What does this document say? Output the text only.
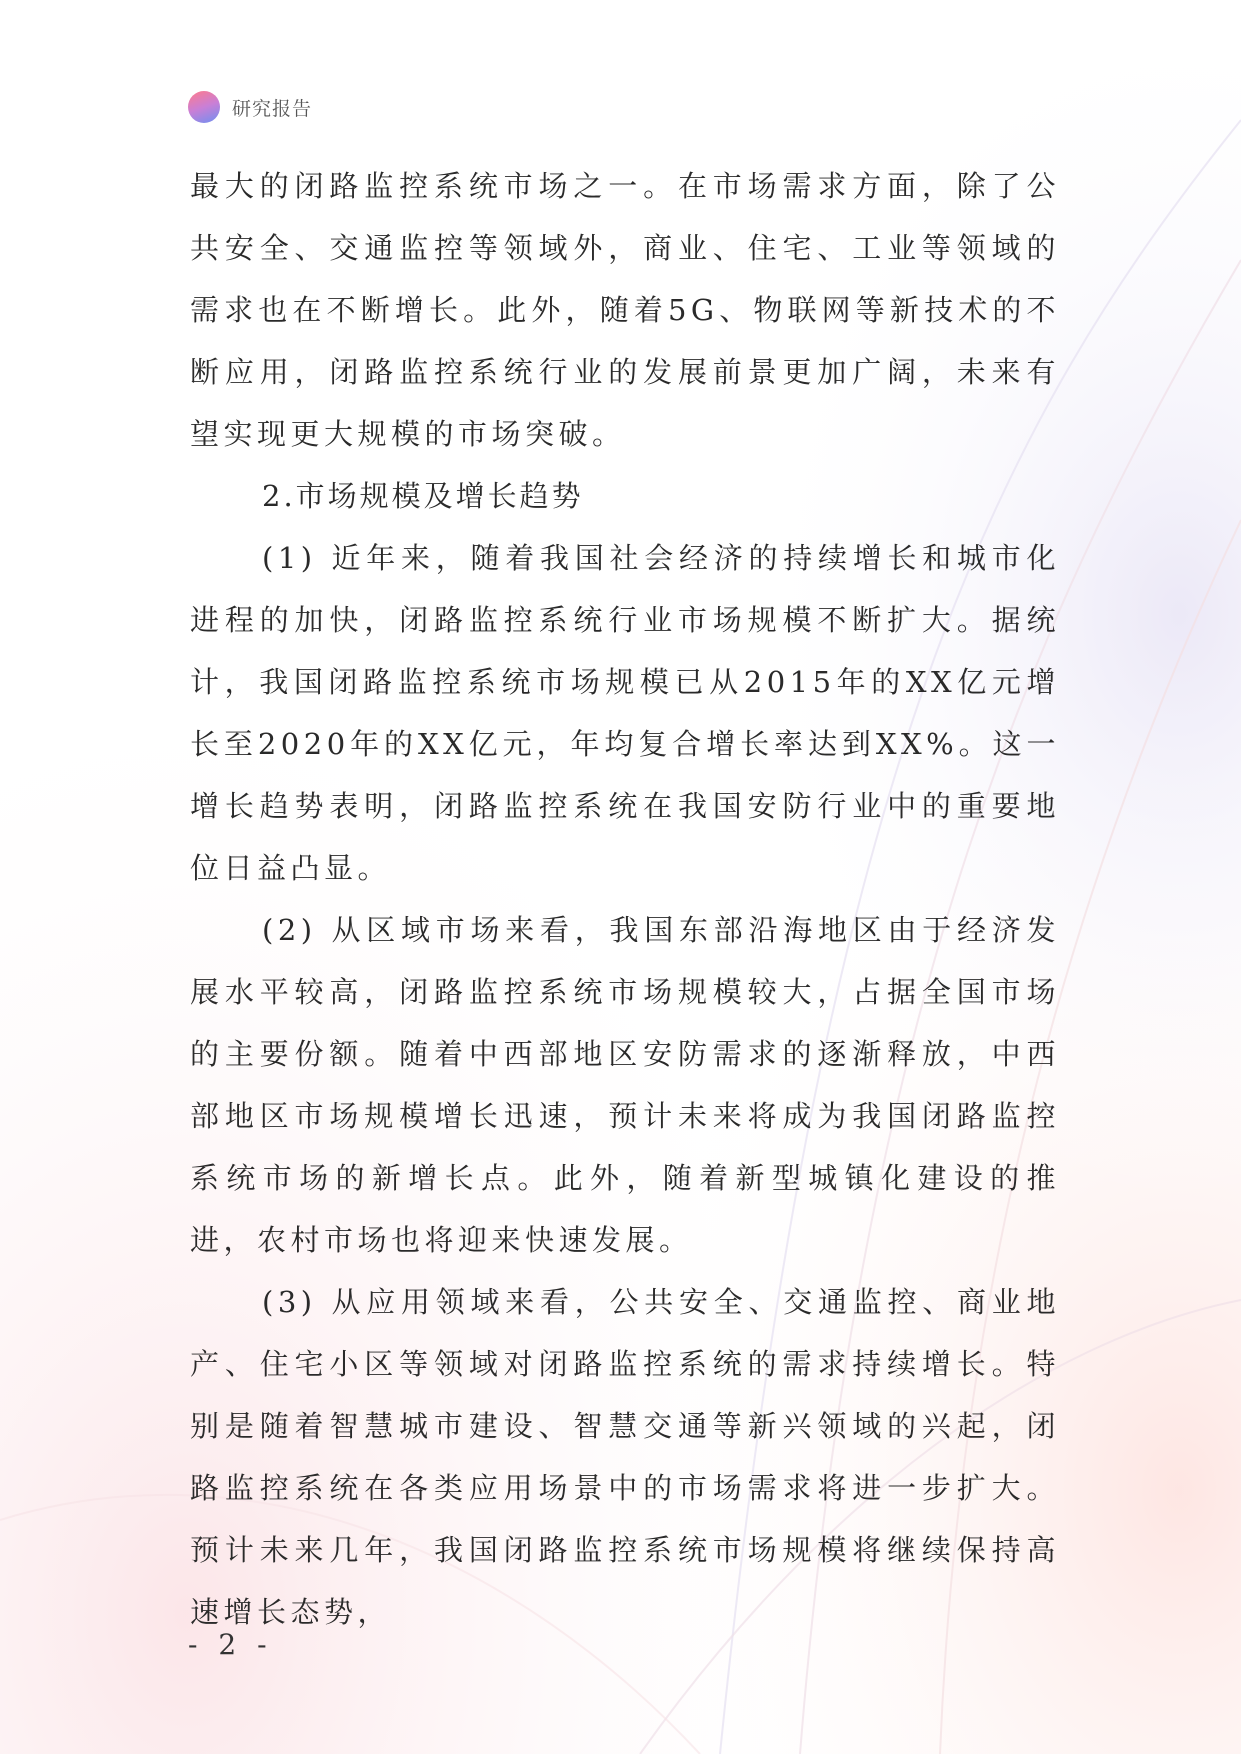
研究报告

最大的闭路监控系统市场之一。在市场需求方面，除了公共安全、交通监控等领域外，商业、住宅、工业等领域的需求也在不断增长。此外，随着5G、物联网等新技术的不断应用，闭路监控系统行业的发展前景更加广阔，未来有望实现更大规模的市场突破。

2.市场规模及增长趋势

(1) 近年来，随着我国社会经济的持续增长和城市化进程的加快，闭路监控系统行业市场规模不断扩大。据统计，我国闭路监控系统市场规模已从2015年的XX亿元增长至2020年的XX亿元，年均复合增长率达到XX%。这一增长趋势表明，闭路监控系统在我国安防行业中的重要地位日益凸显。

(2) 从区域市场来看，我国东部沿海地区由于经济发展水平较高，闭路监控系统市场规模较大，占据全国市场的主要份额。随着中西部地区安防需求的逐渐释放，中西部地区市场规模增长迅速，预计未来将成为我国闭路监控系统市场的新增长点。此外，随着新型城镇化建设的推进，农村市场也将迎来快速发展。

(3) 从应用领域来看，公共安全、交通监控、商业地产、住宅小区等领域对闭路监控系统的需求持续增长。特别是随着智慧城市建设、智慧交通等新兴领域的兴起，闭路监控系统在各类应用场景中的市场需求将进一步扩大。预计未来几年，我国闭路监控系统市场规模将继续保持高速增长态势，

- 2 -
